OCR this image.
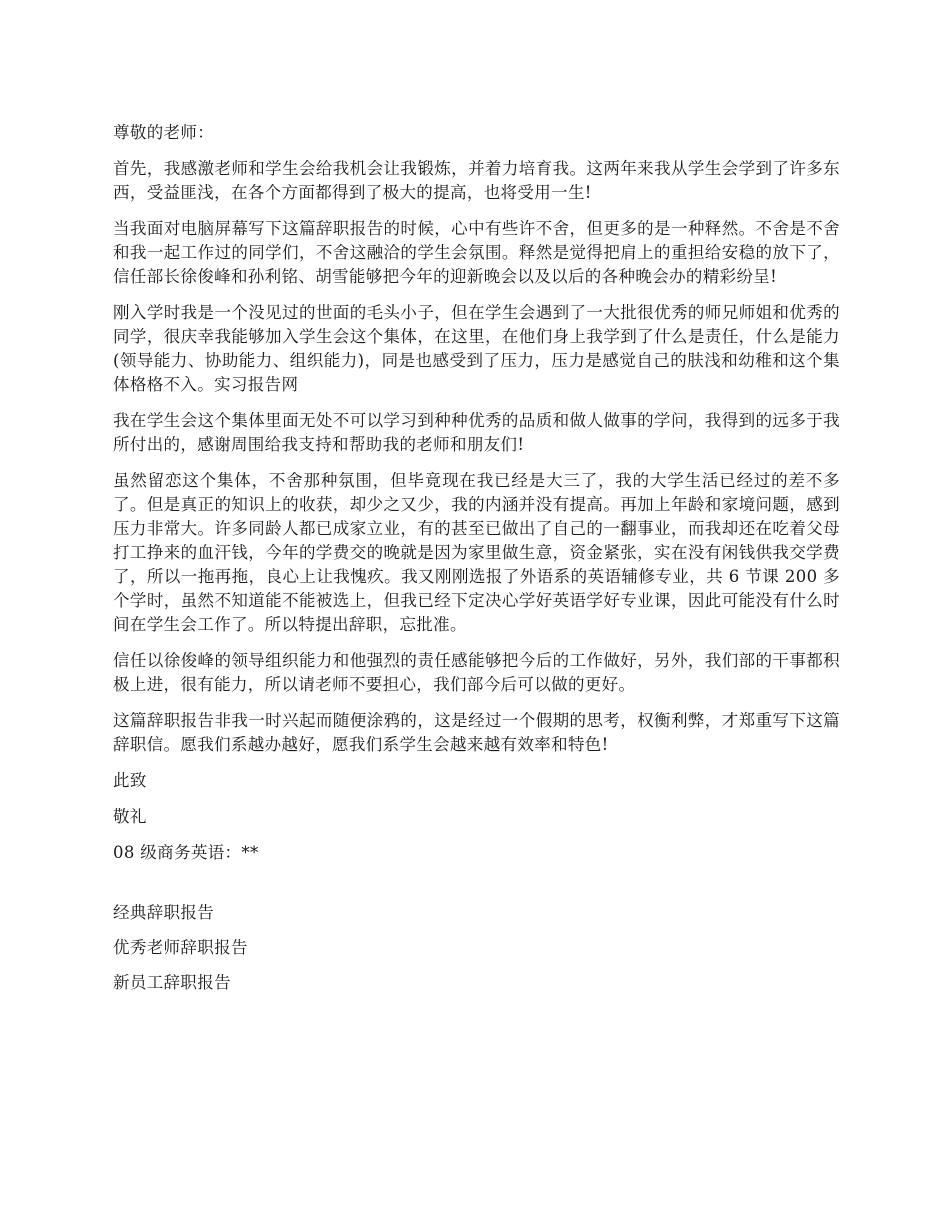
尊敬的老师：

首先，我感激老师和学生会给我机会让我锻炼，并着力培育我。这两年来我从学生会学到了许多东西，受益匪浅，在各个方面都得到了极大的提高，也将受用一生!

当我面对电脑屏幕写下这篇辞职报告的时候，心中有些许不舍，但更多的是一种释然。不舍是不舍和我一起工作过的同学们，不舍这融洽的学生会氛围。释然是觉得把肩上的重担给安稳的放下了，信任部长徐俊峰和孙利铭、胡雪能够把今年的迎新晚会以及以后的各种晚会办的精彩纷呈!

刚入学时我是一个没见过的世面的毛头小子，但在学生会遇到了一大批很优秀的师兄师姐和优秀的同学，很庆幸我能够加入学生会这个集体，在这里，在他们身上我学到了什么是责任，什么是能力(领导能力、协助能力、组织能力)，同是也感受到了压力，压力是感觉自己的肤浅和幼稚和这个集体格格不入。实习报告网

我在学生会这个集体里面无处不可以学习到种种优秀的品质和做人做事的学问，我得到的远多于我所付出的，感谢周围给我支持和帮助我的老师和朋友们!

虽然留恋这个集体，不舍那种氛围，但毕竟现在我已经是大三了，我的大学生活已经过的差不多了。但是真正的知识上的收获，却少之又少，我的内涵并没有提高。再加上年龄和家境问题，感到压力非常大。许多同龄人都已成家立业，有的甚至已做出了自己的一翻事业，而我却还在吃着父母打工挣来的血汗钱，今年的学费交的晚就是因为家里做生意，资金紧张，实在没有闲钱供我交学费了，所以一拖再拖，良心上让我愧疚。我又刚刚选报了外语系的英语辅修专业，共 6 节课 200 多个学时，虽然不知道能不能被选上，但我已经下定决心学好英语学好专业课，因此可能没有什么时间在学生会工作了。所以特提出辞职，忘批准。

信任以徐俊峰的领导组织能力和他强烈的责任感能够把今后的工作做好，另外，我们部的干事都积极上进，很有能力，所以请老师不要担心，我们部今后可以做的更好。

这篇辞职报告非我一时兴起而随便涂鸦的，这是经过一个假期的思考，权衡利弊，才郑重写下这篇辞职信。愿我们系越办越好，愿我们系学生会越来越有效率和特色!

此致

敬礼

08 级商务英语：**

经典辞职报告

优秀老师辞职报告

新员工辞职报告
